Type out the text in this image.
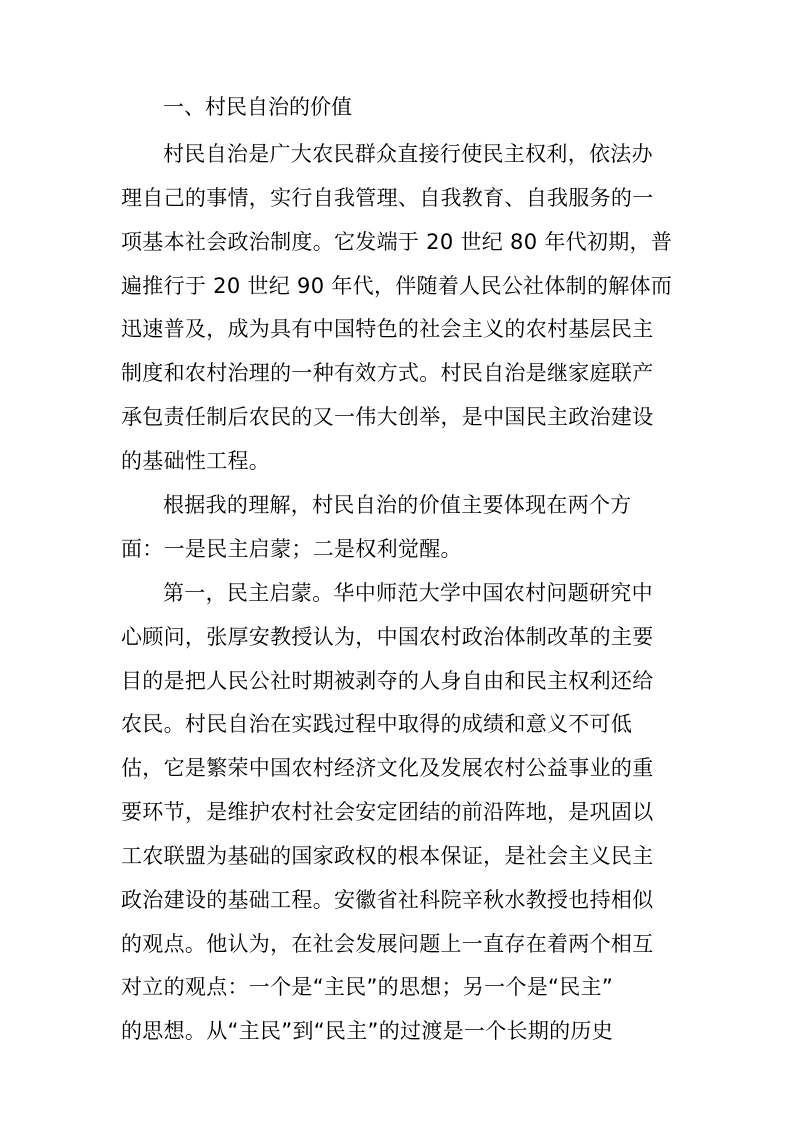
一、村民自治的价值
村民自治是广大农民群众直接行使民主权利，依法办
理自己的事情，实行自我管理、自我教育、自我服务的一
项基本社会政治制度。它发端于 20 世纪 80 年代初期，普
遍推行于 20 世纪 90 年代，伴随着人民公社体制的解体而
迅速普及，成为具有中国特色的社会主义的农村基层民主
制度和农村治理的一种有效方式。村民自治是继家庭联产
承包责任制后农民的又一伟大创举，是中国民主政治建设
的基础性工程。
根据我的理解，村民自治的价值主要体现在两个方
面：一是民主启蒙；二是权利觉醒。
第一，民主启蒙。华中师范大学中国农村问题研究中
心顾问，张厚安教授认为，中国农村政治体制改革的主要
目的是把人民公社时期被剥夺的人身自由和民主权利还给
农民。村民自治在实践过程中取得的成绩和意义不可低
估，它是繁荣中国农村经济文化及发展农村公益事业的重
要环节，是维护农村社会安定团结的前沿阵地，是巩固以
工农联盟为基础的国家政权的根本保证，是社会主义民主
政治建设的基础工程。安徽省社科院辛秋水教授也持相似
的观点。他认为，在社会发展问题上一直存在着两个相互
对立的观点：一个是“主民”的思想；另一个是“民主”
的思想。从“主民”到“民主”的过渡是一个长期的历史
